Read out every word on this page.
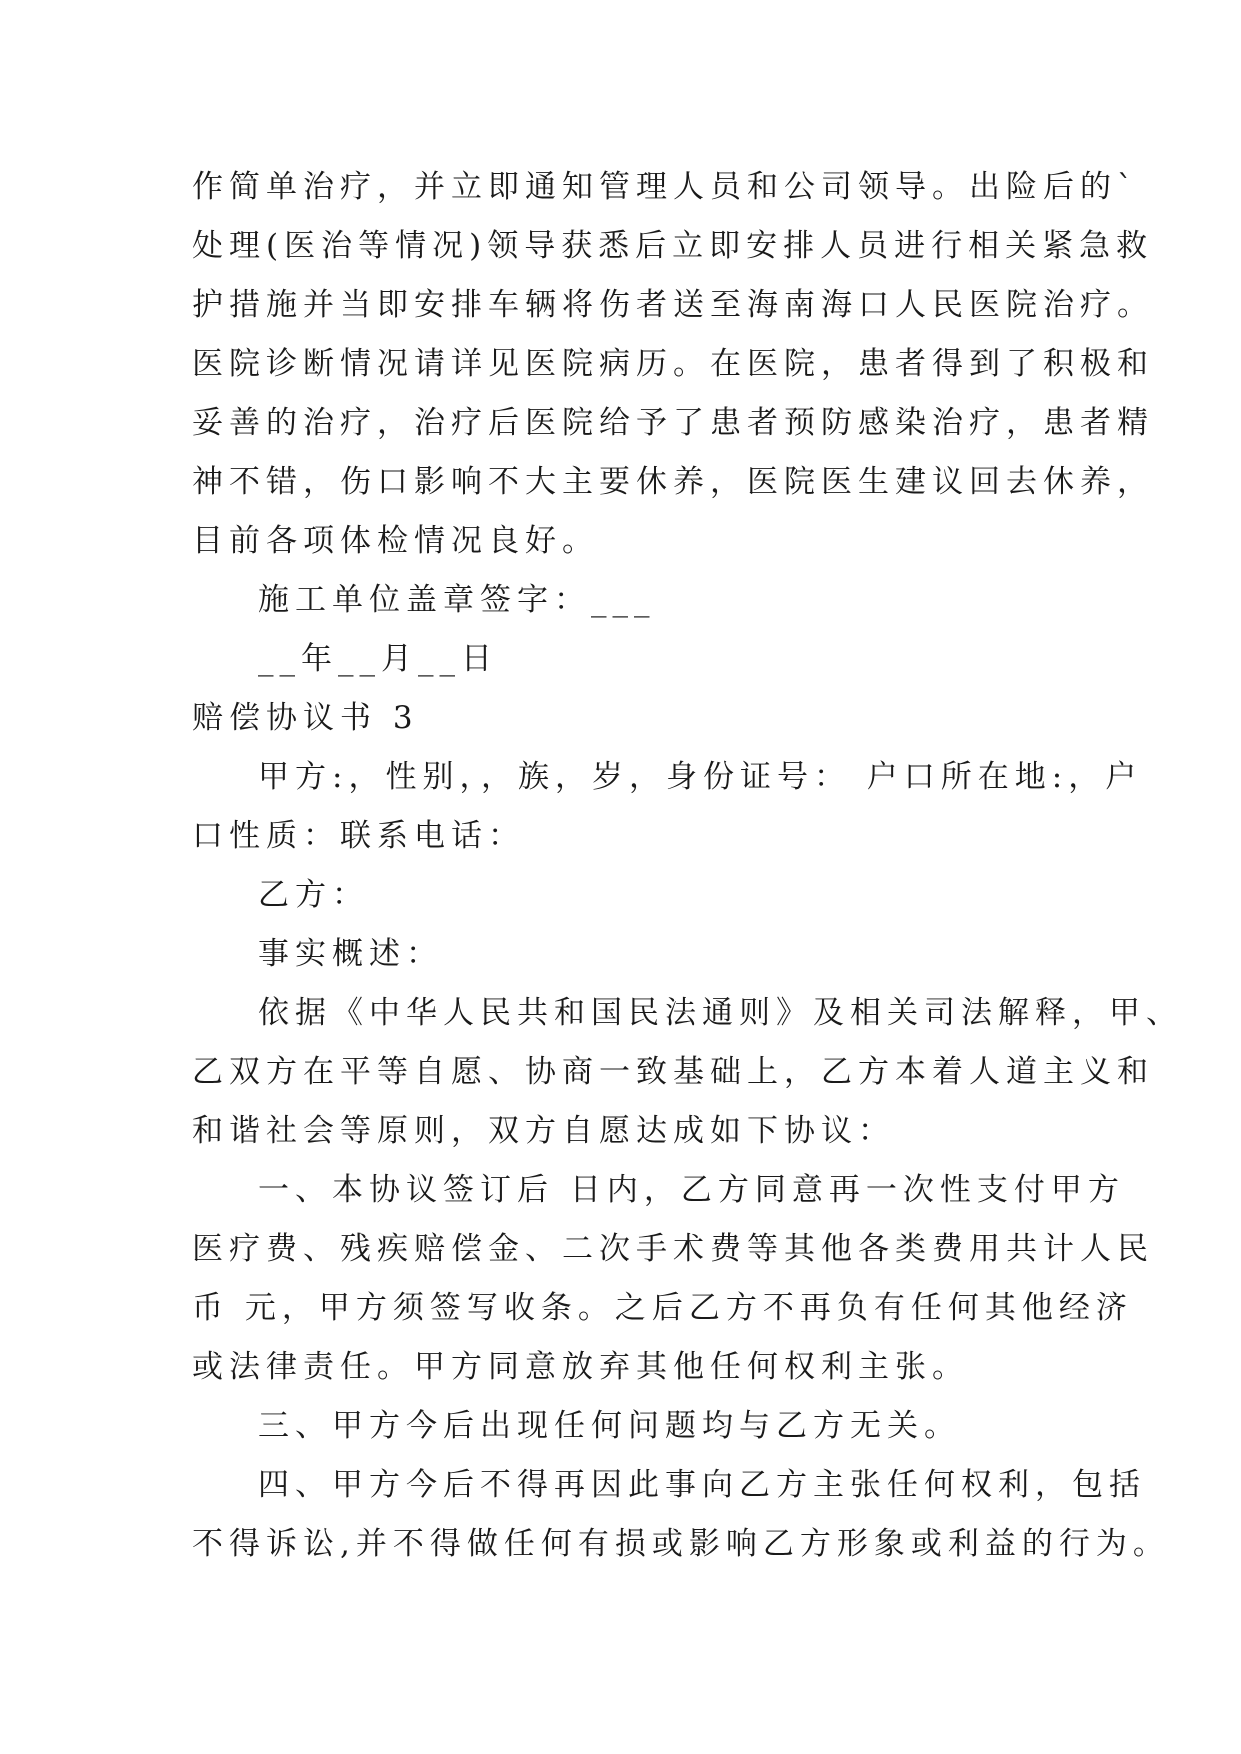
作简单治疗，并立即通知管理人员和公司领导。出险后的`
处理(医治等情况)领导获悉后立即安排人员进行相关紧急救
护措施并当即安排车辆将伤者送至海南海口人民医院治疗。
医院诊断情况请详见医院病历。在医院，患者得到了积极和
妥善的治疗，治疗后医院给予了患者预防感染治疗，患者精
神不错，伤口影响不大主要休养，医院医生建议回去休养，
目前各项体检情况良好。
施工单位盖章签字：___
__年__月__日
赔偿协议书 3
甲方:，性别，，族，岁，身份证号： 户口所在地:，户
口性质：联系电话：
乙方：
事实概述：
依据《中华人民共和国民法通则》及相关司法解释，甲、
乙双方在平等自愿、协商一致基础上，乙方本着人道主义和
和谐社会等原则，双方自愿达成如下协议：
一、本协议签订后 日内，乙方同意再一次性支付甲方
医疗费、残疾赔偿金、二次手术费等其他各类费用共计人民
币 元，甲方须签写收条。之后乙方不再负有任何其他经济
或法律责任。甲方同意放弃其他任何权利主张。
三、甲方今后出现任何问题均与乙方无关。
四、甲方今后不得再因此事向乙方主张任何权利，包括
不得诉讼,并不得做任何有损或影响乙方形象或利益的行为。
